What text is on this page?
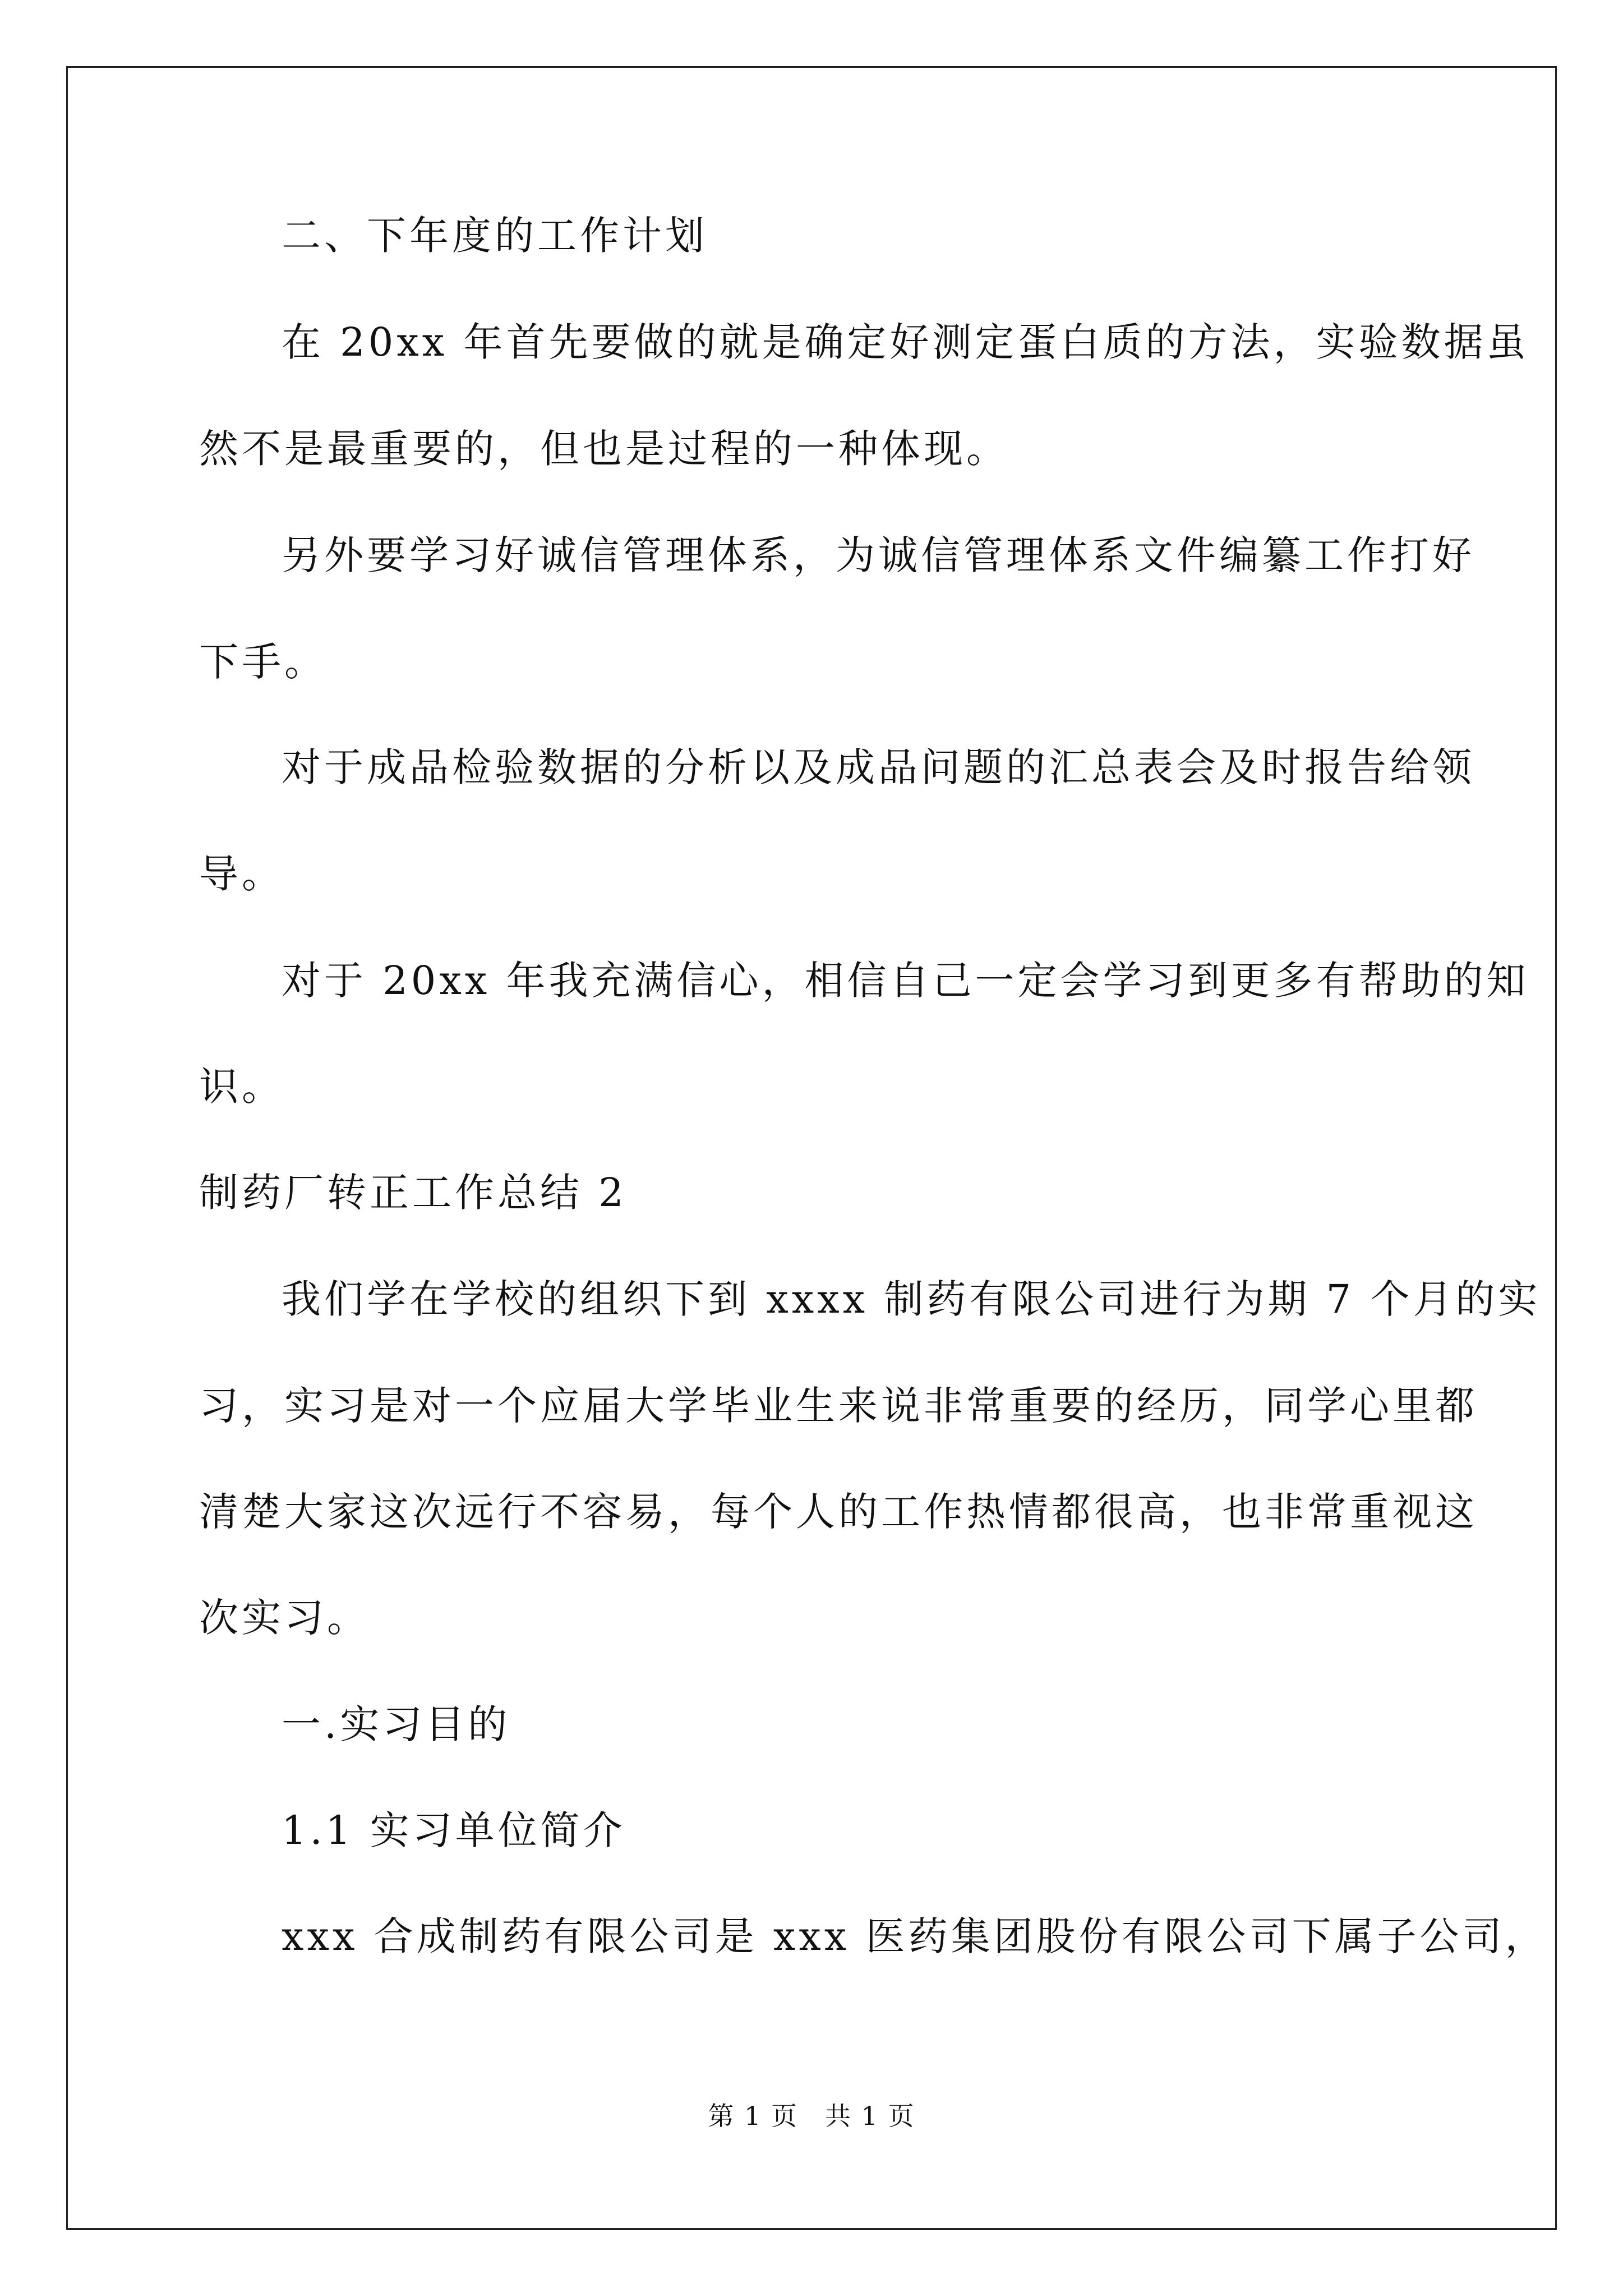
二、下年度的工作计划
在 20xx 年首先要做的就是确定好测定蛋白质的方法，实验数据虽
然不是最重要的，但也是过程的一种体现。
另外要学习好诚信管理体系，为诚信管理体系文件编纂工作打好
下手。
对于成品检验数据的分析以及成品问题的汇总表会及时报告给领
导。
对于 20xx 年我充满信心，相信自己一定会学习到更多有帮助的知
识。
制药厂转正工作总结 2
我们学在学校的组织下到 xxxx 制药有限公司进行为期 7 个月的实
习，实习是对一个应届大学毕业生来说非常重要的经历，同学心里都
清楚大家这次远行不容易，每个人的工作热情都很高，也非常重视这
次实习。
一.实习目的
1.1 实习单位简介
xxx 合成制药有限公司是 xxx 医药集团股份有限公司下属子公司，
第 1 页　共 1 页
